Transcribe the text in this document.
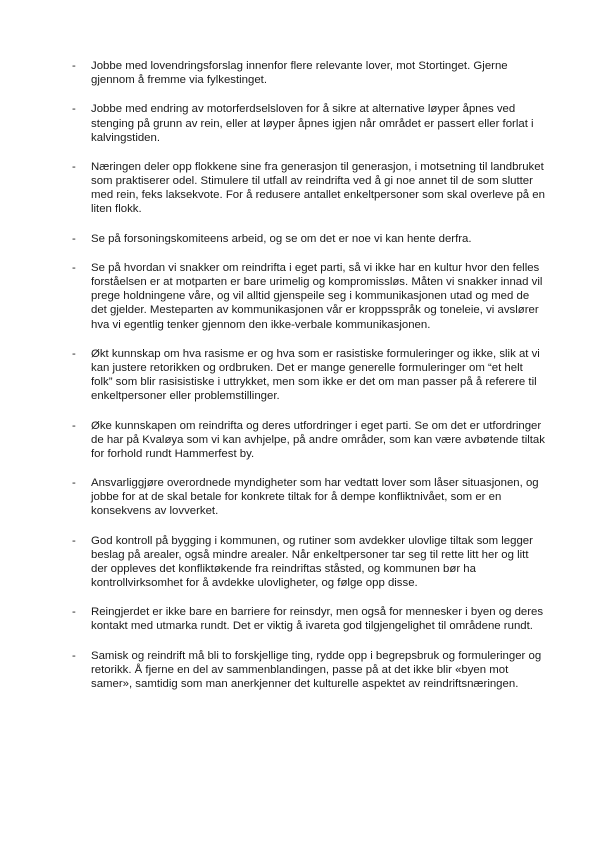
- Jobbe med lovendringsforslag innenfor flere relevante lover, mot Stortinget. Gjerne gjennom å fremme via fylkestinget.
- Jobbe med endring av motorferdselsloven for å sikre at alternative løyper åpnes ved stenging på grunn av rein, eller at løyper åpnes igjen når området er passert eller forlat i kalvingstiden.
- Næringen deler opp flokkene sine fra generasjon til generasjon, i motsetning til landbruket som praktiserer odel. Stimulere til utfall av reindrifta ved å gi noe annet til de som slutter med rein, feks laksekvote. For å redusere antallet enkeltpersoner som skal overleve på en liten flokk.
- Se på forsoningskomiteens arbeid, og se om det er noe vi kan hente derfra.
- Se på hvordan vi snakker om reindrifta i eget parti, så vi ikke har en kultur hvor den felles forståelsen er at motparten er bare urimelig og kompromissløs. Måten vi snakker innad vil prege holdningene våre, og vil alltid gjenspeile seg i kommunikasjonen utad og med de det gjelder. Mesteparten av kommunikasjonen vår er kroppsspråk og toneleie, vi avslører hva vi egentlig tenker gjennom den ikke-verbale kommunikasjonen.
- Økt kunnskap om hva rasisme er og hva som er rasistiske formuleringer og ikke, slik at vi kan justere retorikken og ordbruken. Det er mange generelle formuleringer om “et helt folk” som blir rasisistiske i uttrykket, men som ikke er det om man passer på å referere til enkeltpersoner eller problemstillinger.
- Øke kunnskapen om reindrifta og deres utfordringer i eget parti. Se om det er utfordringer de har på Kvaløya som vi kan avhjelpe, på andre områder, som kan være avbøtende tiltak for forhold rundt Hammerfest by.
- Ansvarliggjøre overordnede myndigheter som har vedtatt lover som låser situasjonen, og jobbe for at de skal betale for konkrete tiltak for å dempe konfliktnivået, som er en konsekvens av lovverket.
- God kontroll på bygging i kommunen, og rutiner som avdekker ulovlige tiltak som legger beslag på arealer, også mindre arealer. Når enkeltpersoner tar seg til rette litt her og litt der oppleves det konfliktøkende fra reindriftas ståsted, og kommunen bør ha kontrollvirksomhet for å avdekke ulovligheter, og følge opp disse.
- Reingjerdet er ikke bare en barriere for reinsdyr, men også for mennesker i byen og deres kontakt med utmarka rundt. Det er viktig å ivareta god tilgjengelighet til områdene rundt.
- Samisk og reindrift må bli to forskjellige ting, rydde opp i begrepsbruk og formuleringer og retorikk. Å fjerne en del av sammenblandingen, passe på at det ikke blir «byen mot samer», samtidig som man anerkjenner det kulturelle aspektet av reindriftsnæringen.
